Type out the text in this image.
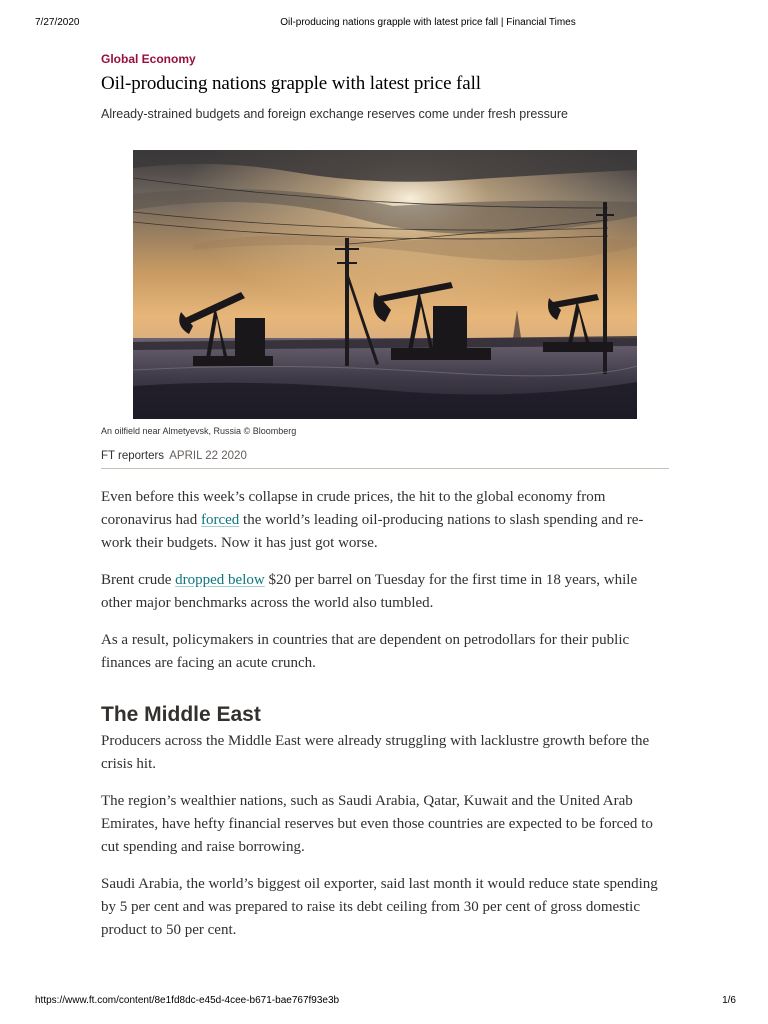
7/27/2020	Oil-producing nations grapple with latest price fall | Financial Times
Global Economy
Oil-producing nations grapple with latest price fall
Already-strained budgets and foreign exchange reserves come under fresh pressure
An oilfield near Almetyevsk, Russia © Bloomberg
FT reporters APRIL 22 2020

Even before this week’s collapse in crude prices, the hit to the global economy from coronavirus had forced the world’s leading oil-producing nations to slash spending and re-work their budgets. Now it has just got worse.

Brent crude dropped below $20 per barrel on Tuesday for the first time in 18 years, while other major benchmarks across the world also tumbled.

As a result, policymakers in countries that are dependent on petrodollars for their public finances are facing an acute crunch.

The Middle East

Producers across the Middle East were already struggling with lacklustre growth before the crisis hit.

The region’s wealthier nations, such as Saudi Arabia, Qatar, Kuwait and the United Arab Emirates, have hefty financial reserves but even those countries are expected to be forced to cut spending and raise borrowing.

Saudi Arabia, the world’s biggest oil exporter, said last month it would reduce state spending by 5 per cent and was prepared to raise its debt ceiling from 30 per cent of gross domestic product to 50 per cent.

https://www.ft.com/content/8e1fd8dc-e45d-4cee-b671-bae767f93e3b	1/6
